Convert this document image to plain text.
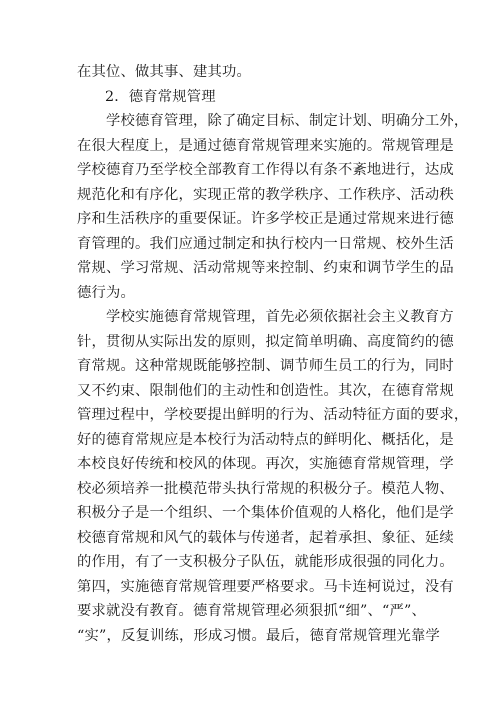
在其位、做其事、建其功。
2．德育常规管理
　　学校德育管理，除了确定目标、制定计划、明确分工外，
在很大程度上，是通过德育常规管理来实施的。常规管理是
学校德育乃至学校全部教育工作得以有条不紊地进行，达成
规范化和有序化，实现正常的教学秩序、工作秩序、活动秩
序和生活秩序的重要保证。许多学校正是通过常规来进行德
育管理的。我们应通过制定和执行校内一日常规、校外生活
常规、学习常规、活动常规等来控制、约束和调节学生的品
德行为。
　　学校实施德育常规管理，首先必须依据社会主义教育方
针，贯彻从实际出发的原则，拟定简单明确、高度简约的德
育常规。这种常规既能够控制、调节师生员工的行为，同时
又不约束、限制他们的主动性和创造性。其次，在德育常规
管理过程中，学校要提出鲜明的行为、活动特征方面的要求，
好的德育常规应是本校行为活动特点的鲜明化、概括化，是
本校良好传统和校风的体现。再次，实施德育常规管理，学
校必须培养一批模范带头执行常规的积极分子。模范人物、
积极分子是一个组织、一个集体价值观的人格化，他们是学
校德育常规和风气的载体与传递者，起着承担、象征、延续
的作用，有了一支积极分子队伍，就能形成很强的同化力。
第四，实施德育常规管理要严格要求。马卡连柯说过，没有
要求就没有教育。德育常规管理必须狠抓“细”、“严”、
“实”，反复训练，形成习惯。最后，德育常规管理光靠学
